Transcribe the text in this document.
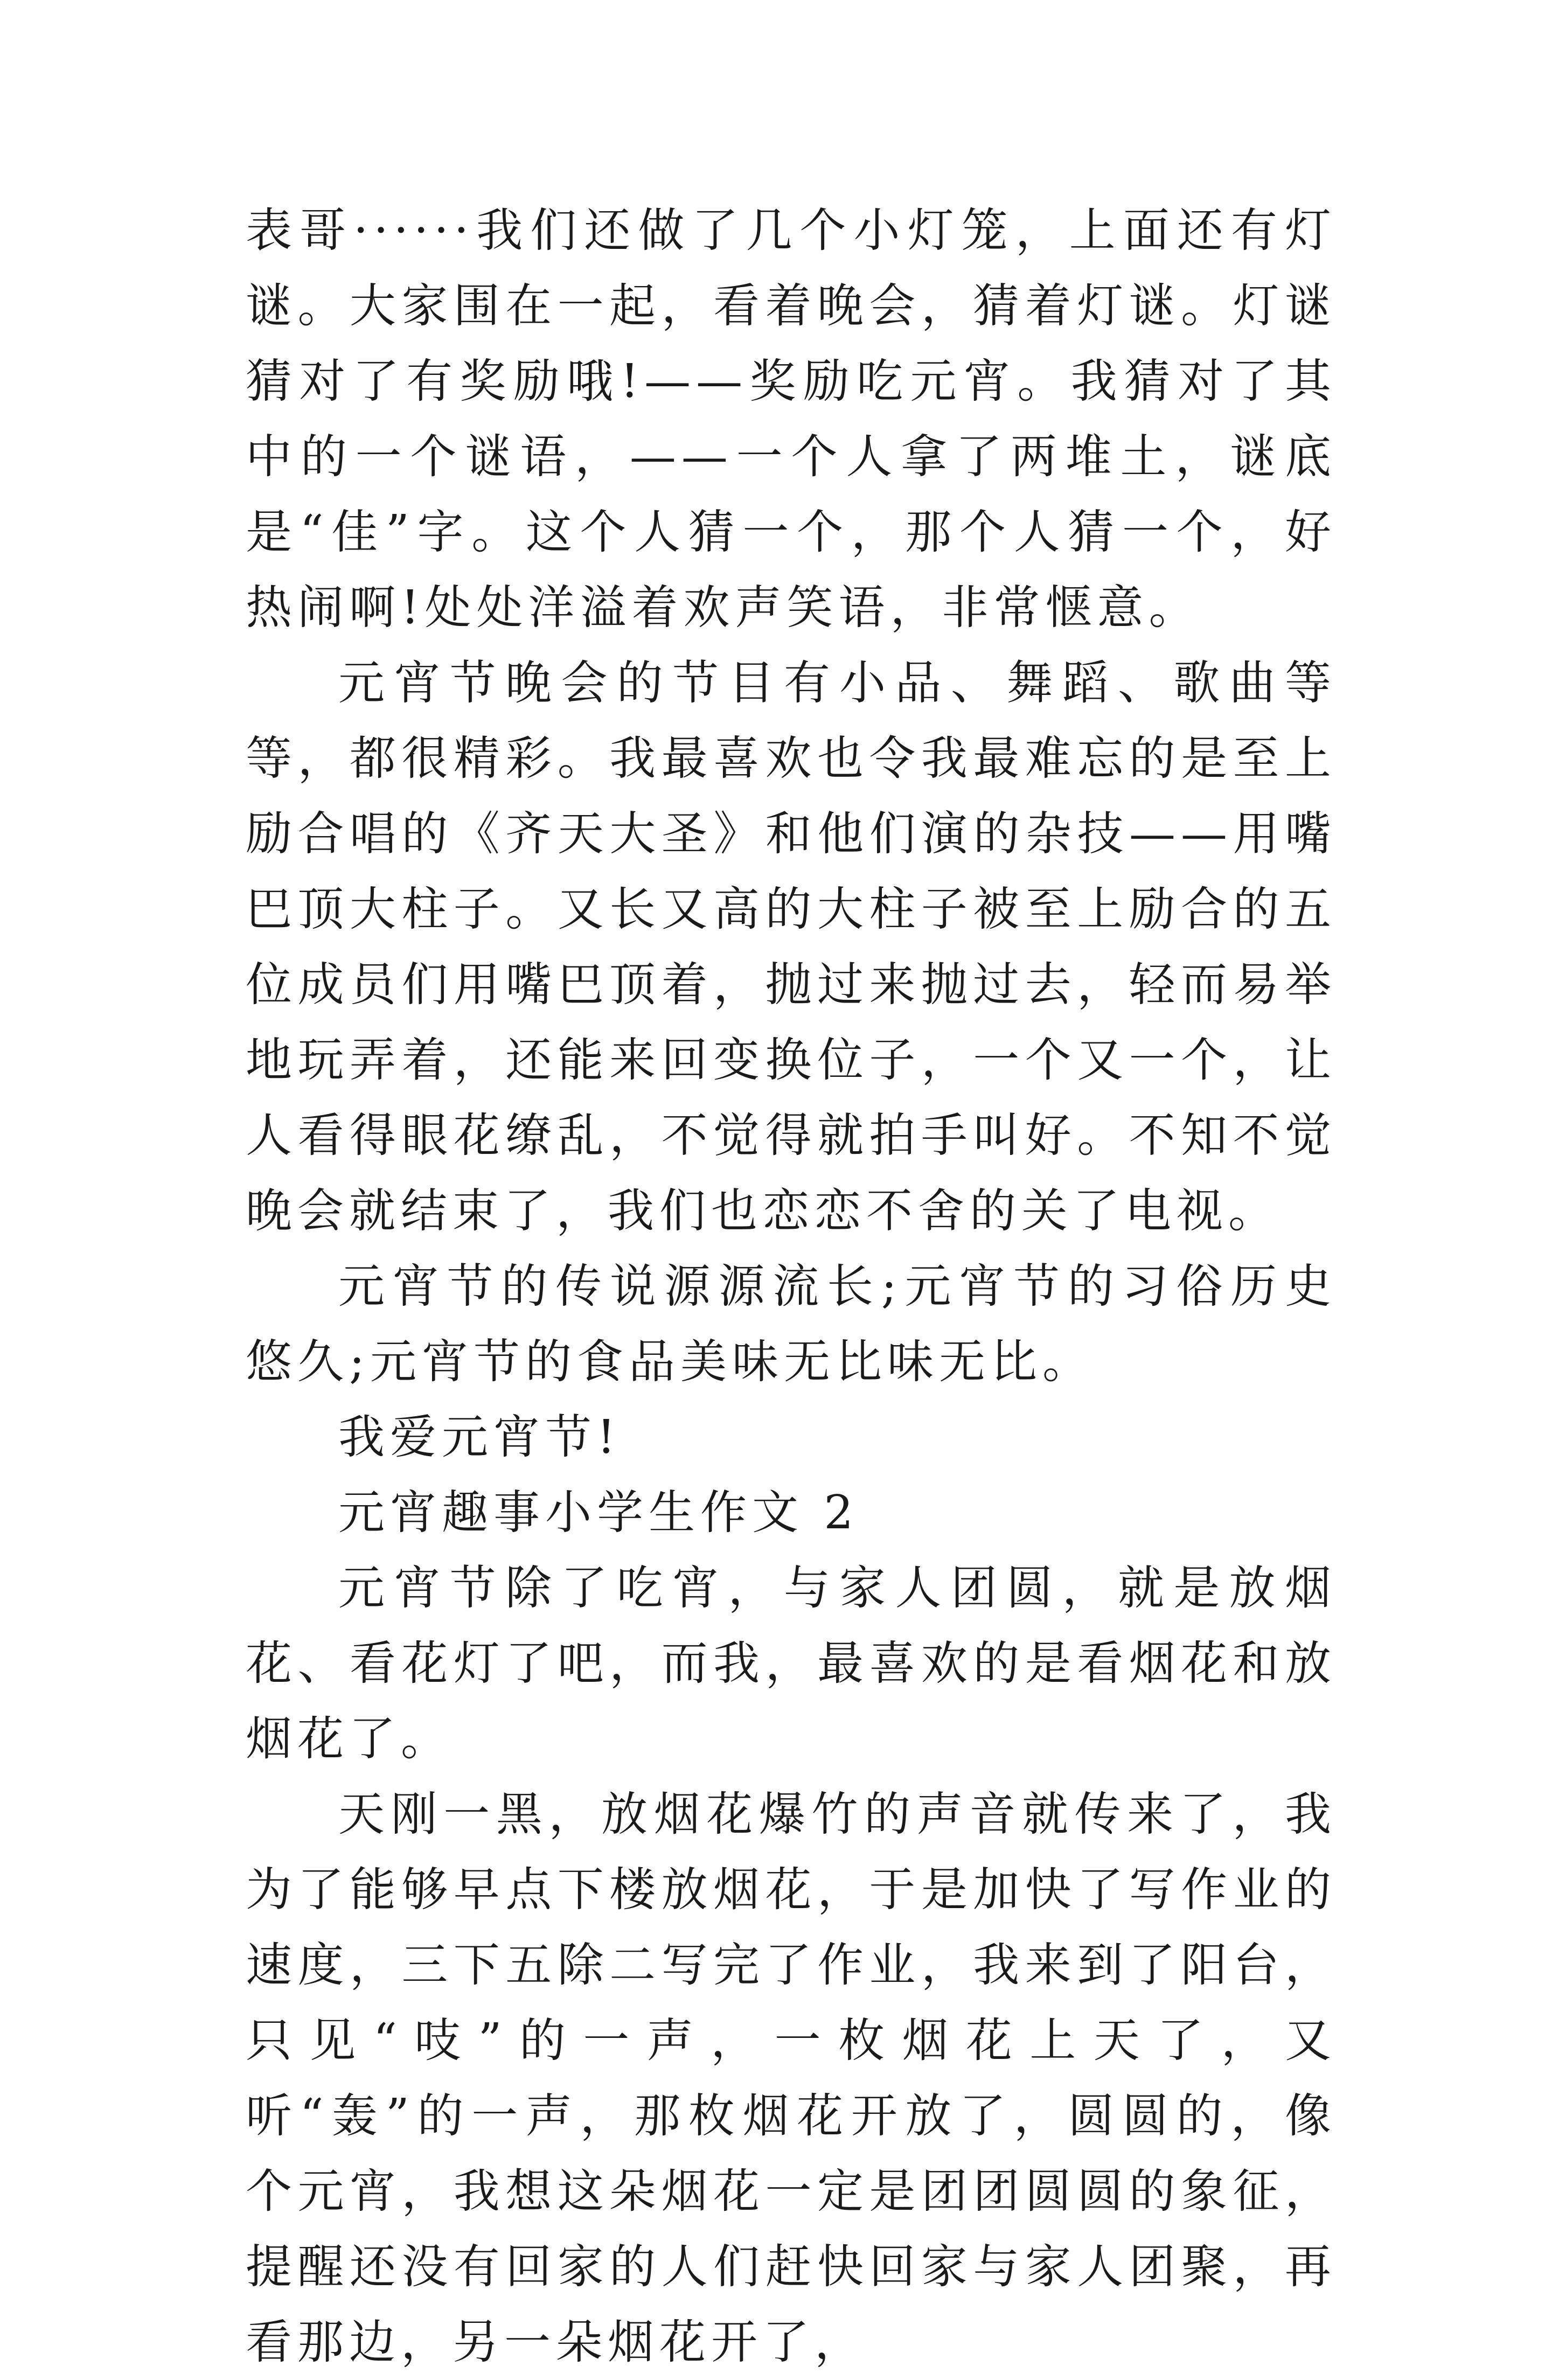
表哥······我们还做了几个小灯笼，上面还有灯谜。大家围在一起，看着晚会，猜着灯谜。灯谜猜对了有奖励哦!——奖励吃元宵。我猜对了其中的一个谜语，——一个人拿了两堆土，谜底是“佳”字。这个人猜一个，那个人猜一个，好热闹啊!处处洋溢着欢声笑语，非常惬意。

元宵节晚会的节目有小品、舞蹈、歌曲等等，都很精彩。我最喜欢也令我最难忘的是至上励合唱的《齐天大圣》和他们演的杂技——用嘴巴顶大柱子。又长又高的大柱子被至上励合的五位成员们用嘴巴顶着，抛过来抛过去，轻而易举地玩弄着，还能来回变换位子，一个又一个，让人看得眼花缭乱，不觉得就拍手叫好。不知不觉晚会就结束了，我们也恋恋不舍的关了电视。

元宵节的传说源源流长;元宵节的习俗历史悠久;元宵节的食品美味无比味无比。

我爱元宵节!

元宵趣事小学生作文 2

元宵节除了吃宵，与家人团圆，就是放烟花、看花灯了吧，而我，最喜欢的是看烟花和放烟花了。

天刚一黑，放烟花爆竹的声音就传来了，我为了能够早点下楼放烟花，于是加快了写作业的速度，三下五除二写完了作业，我来到了阳台，只见“吱”的一声，一枚烟花上天了，又听“轰”的一声，那枚烟花开放了，圆圆的，像个元宵，我想这朵烟花一定是团团圆圆的象征，提醒还没有回家的人们赶快回家与家人团聚，再看那边，另一朵烟花开了，
